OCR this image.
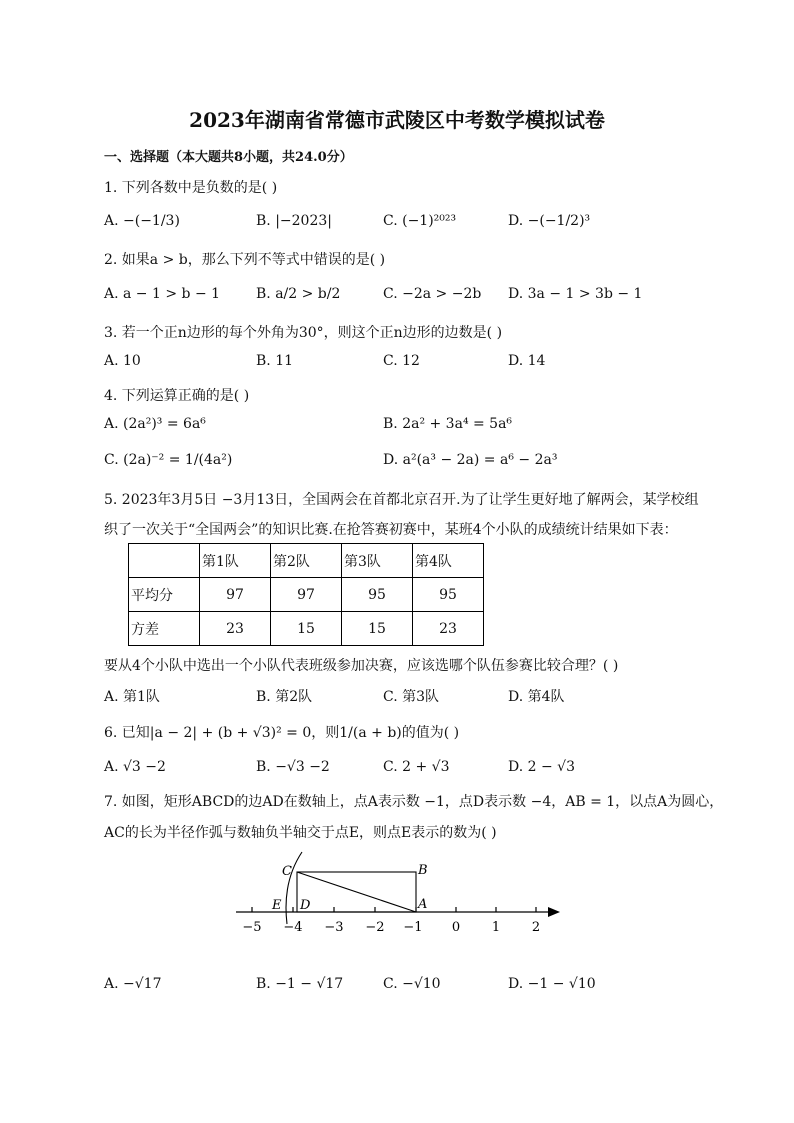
2023年湖南省常德市武陵区中考数学模拟试卷
一、选择题（本大题共8小题，共24.0分）
1. 下列各数中是负数的是( )
A. −(−1/3)	B. |−2023|	C. (−1)²⁰²³	D. −(−1/2)³
2. 如果a > b，那么下列不等式中错误的是( )
A. a − 1 > b − 1	B. a/2 > b/2	C. −2a > −2b D. 3a − 1 > 3b − 1
3. 若一个正n边形的每个外角为30°，则这个正n边形的边数是( )
A. 10	B. 11	C. 12	D. 14
4. 下列运算正确的是( )
A. (2a²)³ = 6a⁶	B. 2a² + 3a⁴ = 5a⁶
C. (2a)⁻² = 1/(4a²)	D. a²(a³ − 2a) = a⁶ − 2a³
5. 2023年3月5日 −3月13日，全国两会在首都北京召开.为了让学生更好地了解两会，某学校组
织了一次关于“全国两会”的知识比赛.在抢答赛初赛中，某班4个小队的成绩统计结果如下表：
	第1队	第2队	第3队	第4队
平均分	97	97	95	95
方差	23	15	15	23
要从4个小队中选出一个小队代表班级参加决赛，应该选哪个队伍参赛比较合理？( )
A. 第1队	B. 第2队	C. 第3队	D. 第4队
6. 已知|a − 2| + (b + √3)² = 0，则1/(a + b)的值为( )
A. √3 −2	B. −√3 −2	C. 2 + √3	D. 2 − √3
7. 如图，矩形ABCD的边AD在数轴上，点A表示数 −1，点D表示数 −4，AB = 1，以点A为圆心，
AC的长为半径作弧与数轴负半轴交于点E，则点E表示的数为( )
C	B
E D	A
−5 −4 −3 −2 −1 0 1 2
A. −√17	B. −1 − √17	C. −√10	D. −1 − √10
